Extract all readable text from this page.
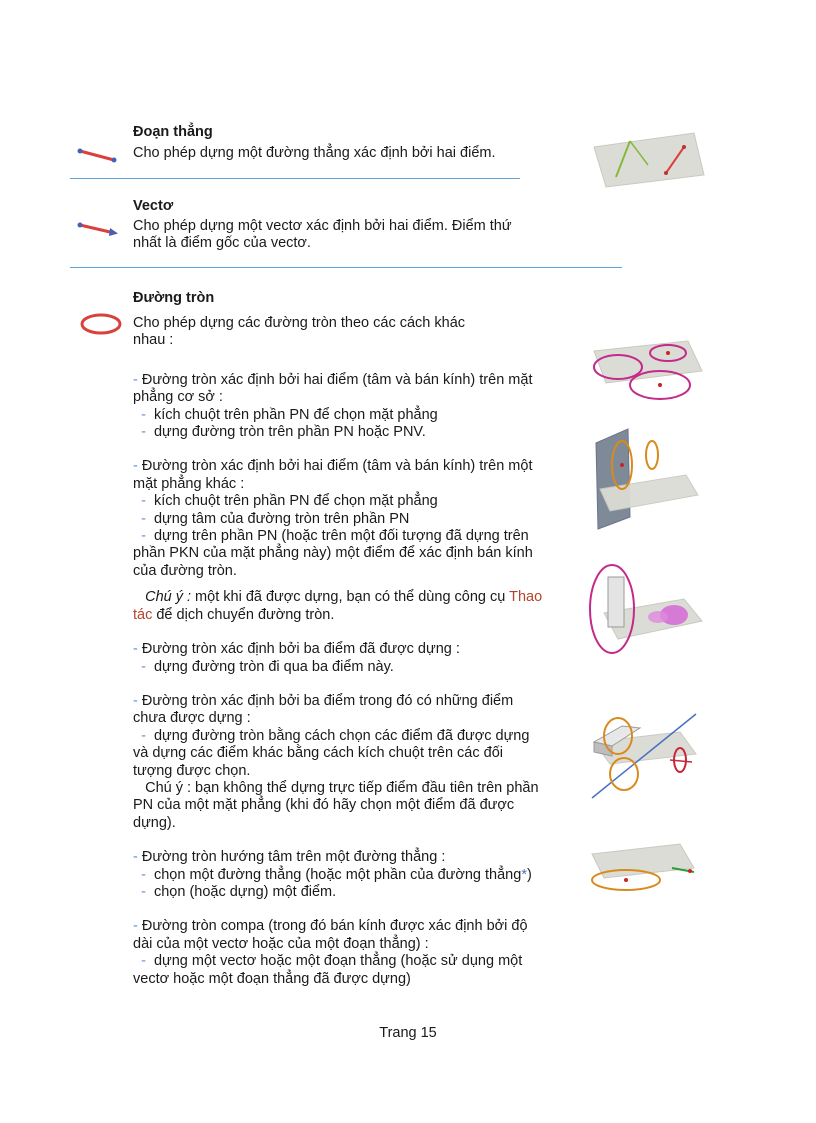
Đoạn thẳng
Cho phép dựng một đường thẳng xác định bởi hai điểm.
Vectơ

Cho phép dựng một vectơ xác định bởi hai điểm. Điểm thứ

nhất là điểm gốc của vectơ.

Đường tròn

Cho phép dựng các đường tròn theo các cách khác

nhau :

- Đường tròn xác định bởi hai điểm (tâm và bán kính) trên mặt

phẳng cơ sở :

- kích chuột trên phần PN để chọn mặt phẳng

- dựng đường tròn trên phần PN hoặc PNV.

- Đường tròn xác định bởi hai điểm (tâm và bán kính) trên một

mặt phẳng khác :

- kích chuột trên phần PN để chọn mặt phẳng

- dựng tâm của đường tròn trên phần PN

- dựng trên phần PN (hoặc trên một đối tượng đã dựng trên

phần PKN của mặt phẳng này) một điểm để xác định bán kính

của đường tròn.

Chú ý : một khi đã được dựng, bạn có thể dùng công cụ Thao

tác để dịch chuyển đường tròn.

- Đường tròn xác định bởi ba điểm đã được dựng :

- dựng đường tròn đi qua ba điểm này.

- Đường tròn xác định bởi ba điểm trong đó có những điểm

chưa được dựng :

- dựng đường tròn bằng cách chọn các điểm đã được dựng

và dựng các điểm khác bằng cách kích chuột trên các đối

tượng được chọn.

Chú ý : bạn không thể dựng trực tiếp điểm đầu tiên trên phần

PN của một mặt phẳng (khi đó hãy chọn một điểm đã được

dựng).

- Đường tròn hướng tâm trên một đường thẳng :

- chọn một đường thẳng (hoặc một phần của đường thẳng*)

- chọn (hoặc dựng) một điểm.

- Đường tròn compa (trong đó bán kính được xác định bởi độ

dài của một vectơ hoặc của một đoạn thẳng) :

- dựng một vectơ hoặc một đoạn thẳng (hoặc sử dụng một

vectơ hoặc một đoạn thẳng đã được dựng)

Trang 15
